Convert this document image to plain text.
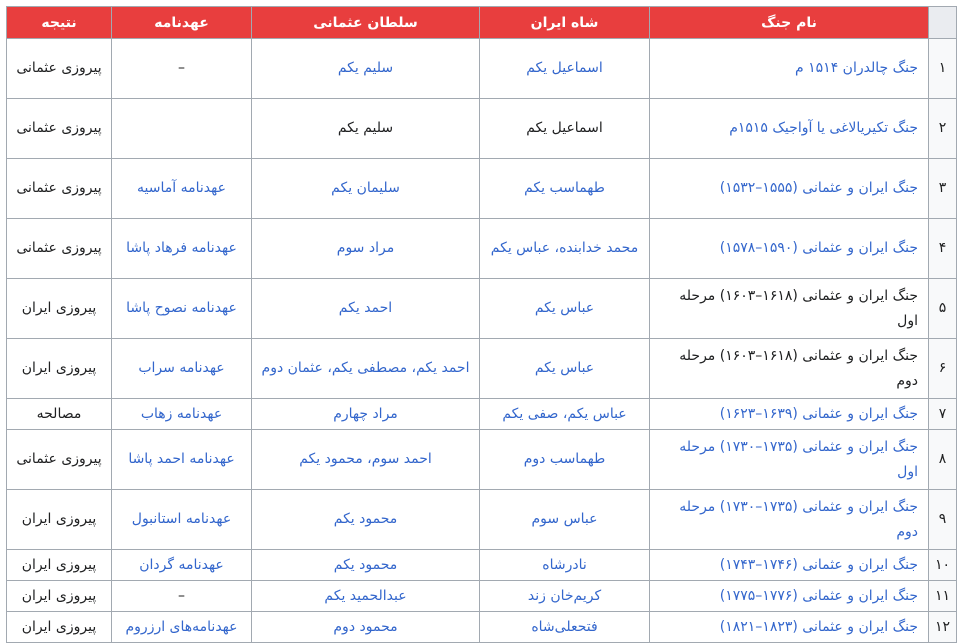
	نام جنگ	شاه ایران	سلطان عثمانی	عهدنامه	نتیجه
۱	جنگ چالدران ۱۵۱۴ م	اسماعیل یکم	سلیم یکم	–	پیروزی عثمانی
۲	جنگ تکیریالاغی یا آواجیک ۱۵۱۵م	اسماعیل یکم	سلیم یکم		پیروزی عثمانی
۳	جنگ ایران و عثمانی (۱۵۵۵–۱۵۳۲)	طهماسب یکم	سلیمان یکم	عهدنامه آماسیه	پیروزی عثمانی
۴	جنگ ایران و عثمانی (۱۵۹۰–۱۵۷۸)	محمد خدابنده، عباس یکم	مراد سوم	عهدنامه فرهاد پاشا	پیروزی عثمانی
۵	جنگ ایران و عثمانی (۱۶۱۸–۱۶۰۳) مرحله اول	عباس یکم	احمد یکم	عهدنامه نصوح پاشا	پیروزی ایران
۶	جنگ ایران و عثمانی (۱۶۱۸–۱۶۰۳) مرحله دوم	عباس یکم	احمد یکم، مصطفی یکم، عثمان دوم	عهدنامه سراب	پیروزی ایران
۷	جنگ ایران و عثمانی (۱۶۳۹–۱۶۲۳)	عباس یکم، صفی یکم	مراد چهارم	عهدنامه زهاب	مصالحه
۸	جنگ ایران و عثمانی (۱۷۳۵–۱۷۳۰) مرحله اول	طهماسب دوم	احمد سوم، محمود یکم	عهدنامه احمد پاشا	پیروزی عثمانی
۹	جنگ ایران و عثمانی (۱۷۳۵–۱۷۳۰) مرحله دوم	عباس سوم	محمود یکم	عهدنامه استانبول	پیروزی ایران
۱۰	جنگ ایران و عثمانی (۱۷۴۶–۱۷۴۳)	نادرشاه	محمود یکم	عهدنامه گردان	پیروزی ایران
۱۱	جنگ ایران و عثمانی (۱۷۷۶–۱۷۷۵)	کریم‌خان زند	عبدالحمید یکم	–	پیروزی ایران
۱۲	جنگ ایران و عثمانی (۱۸۲۳–۱۸۲۱)	فتحعلی‌شاه	محمود دوم	عهدنامه‌های ارزروم	پیروزی ایران
